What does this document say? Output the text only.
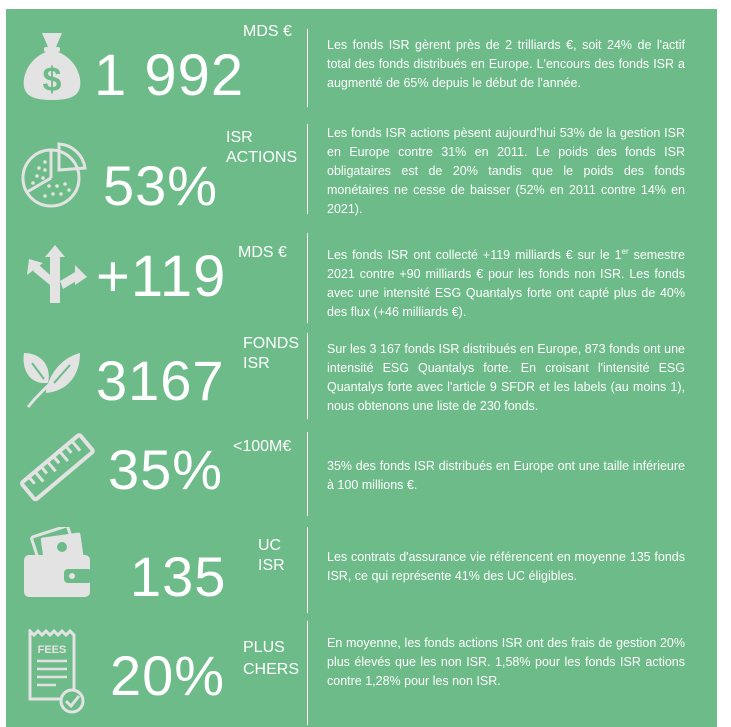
$ 1 992
MDS €
Les fonds ISR gèrent près de 2 trilliards €, soit 24% de l'actif total des fonds distribués en Europe. L'encours des fonds ISR a augmenté de 65% depuis le début de l'année.
53%
ISR
ACTIONS
Les fonds ISR actions pèsent aujourd'hui 53% de la gestion ISR en Europe contre 31% en 2011. Le poids des fonds ISR obligataires est de 20% tandis que le poids des fonds monétaires ne cesse de baisser (52% en 2011 contre 14% en 2021).
+119 MDS €	Les fonds ISR ont collecté +119 milliards € sur le 1er semestre 2021 contre +90 milliards € pour les fonds non ISR. Les fonds avec une intensité ESG Quantalys forte ont capté plus de 40% des flux (+46 milliards €).
3167
FONDS
ISR
Sur les 3 167 fonds ISR distribués en Europe, 873 fonds ont une intensité ESG Quantalys forte. En croisant l'intensité ESG Quantalys forte avec l'article 9 SFDR et les labels (au moins 1), nous obtenons une liste de 230 fonds.
35% <100M€
35% des fonds ISR distribués en Europe ont une taille inférieure à 100 millions €.
135 UC
ISR	Les contrats d'assurance vie référencent en moyenne 135 fonds ISR, ce qui représente 41% des UC éligibles.
FEES 20% PLUS
CHERS
En moyenne, les fonds actions ISR ont des frais de gestion 20% plus élevés que les non ISR. 1,58% pour les fonds ISR actions contre 1,28% pour les non ISR.
